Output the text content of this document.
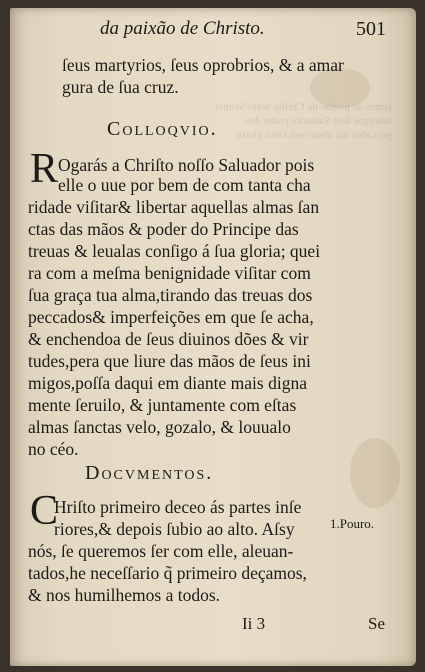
ſantos de paixão de Chriſto noſſo Senhor
inimigos ſeus Saluador poder dos
peccados ſua alma com tanta gloria
da paixão de Christo.	501
ſeus martyrios, ſeus oprobrios, & a amar
gura de ſua cruz.
Colloqvio.
R Ogarás a Chriſto noſſo Saluador pois
elle o uue por bem de com tanta cha
ridade viſitar& libertar aquellas almas ſan
ctas das mãos & poder do Principe das
treuas & leualas conſigo á ſua gloria; quei
ra com a meſma benignidade viſitar com
ſua graça tua alma,tirando das treuas dos
peccados& imperfeições em que ſe acha,
& enchendoa de ſeus diuinos dões & vir
tudes,pera que liure das mãos de ſeus ini
migos,poſſa daqui em diante mais digna
mente ſeruilo, & juntamente com eſtas
almas ſanctas velo, gozalo, & louualo
no céo.
Docvmentos.
C
Hriſto primeiro deceo ás partes inſe
riores,& depois ſubio ao alto. Aſsy
nós, ſe queremos ſer com elle, aleuan-
tados,he neceſſario q̃ primeiro deçamos,
& nos humilhemos a todos.
1.Pouro.
Ii 3	Se
